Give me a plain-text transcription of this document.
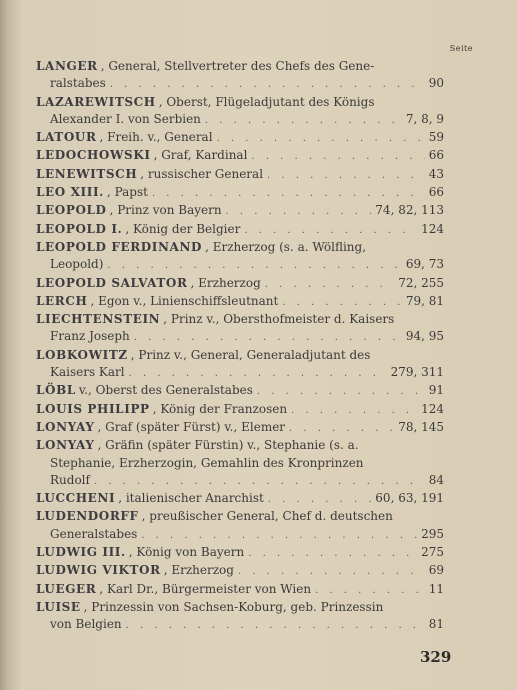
Seite
LANGER , General, Stellvertreter des Chefs des Gene-
ralstabes . . .	90
LAZAREWITSCH , Oberst, Flügeladjutant des Königs
Alexander I. von Serbien . . .	7, 8, 9
LATOUR , Freih. v., General . . .	59
LEDOCHOWSKI , Graf, Kardinal . . .	66
LENEWITSCH , russischer General . . .	43
LEO XIII. , Papst . . .	66
LEOPOLD , Prinz von Bayern . . .	74, 82, 113
LEOPOLD I. , König der Belgier . . .	124
LEOPOLD FERDINAND , Erzherzog (s. a. Wölfling,
Leopold) . . .	69, 73
LEOPOLD SALVATOR , Erzherzog . . .	72, 255
LERCH , Egon v., Linienschiffsleutnant . . .	79, 81
LIECHTENSTEIN , Prinz v., Obersthofmeister d. Kaisers
Franz Joseph . . .	94, 95
LOBKOWITZ , Prinz v., General, Generaladjutant des
Kaisers Karl . . .	279, 311
LÖBL v., Oberst des Generalstabes . . .	91
LOUIS PHILIPP , König der Franzosen . . .	124
LONYAY , Graf (später Fürst) v., Elemer . . .	78, 145
LONYAY , Gräfin (später Fürstin) v., Stephanie (s. a.
Stephanie, Erzherzogin, Gemahlin des Kronprinzen
Rudolf . . .	84
LUCCHENI , italienischer Anarchist . . .	60, 63, 191
LUDENDORFF , preußischer General, Chef d. deutschen
Generalstabes . . .	295
LUDWIG III. , König von Bayern . . .	275
LUDWIG VIKTOR , Erzherzog . . .	69
LUEGER , Karl Dr., Bürgermeister von Wien . . .	11
LUISE , Prinzessin von Sachsen-Koburg, geb. Prinzessin
von Belgien . . .	81
329
